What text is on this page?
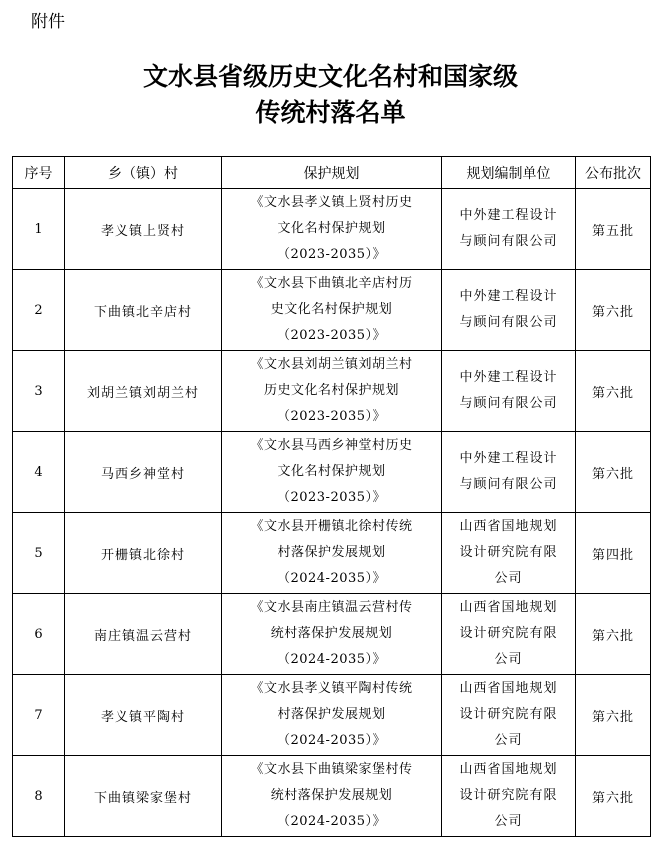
附件
文水县省级历史文化名村和国家级
传统村落名单
序号	乡（镇）村	保护规划	规划编制单位	公布批次
1	孝义镇上贤村	《文水县孝义镇上贤村历史
文化名村保护规划
（2023-2035）》	中外建工程设计
与顾问有限公司	第五批
2	下曲镇北辛店村	《文水县下曲镇北辛店村历
史文化名村保护规划
（2023-2035）》	中外建工程设计
与顾问有限公司	第六批
3	刘胡兰镇刘胡兰村	《文水县刘胡兰镇刘胡兰村
历史文化名村保护规划
（2023-2035）》	中外建工程设计
与顾问有限公司	第六批
4	马西乡神堂村	《文水县马西乡神堂村历史
文化名村保护规划
（2023-2035）》	中外建工程设计
与顾问有限公司	第六批
5	开栅镇北徐村	《文水县开栅镇北徐村传统
村落保护发展规划
（2024-2035）》	山西省国地规划
设计研究院有限
公司	第四批
6	南庄镇温云营村	《文水县南庄镇温云营村传
统村落保护发展规划
（2024-2035）》	山西省国地规划
设计研究院有限
公司	第六批
7	孝义镇平陶村	《文水县孝义镇平陶村传统
村落保护发展规划
（2024-2035）》	山西省国地规划
设计研究院有限
公司	第六批
8	下曲镇梁家堡村	《文水县下曲镇梁家堡村传
统村落保护发展规划
（2024-2035）》	山西省国地规划
设计研究院有限
公司	第六批
